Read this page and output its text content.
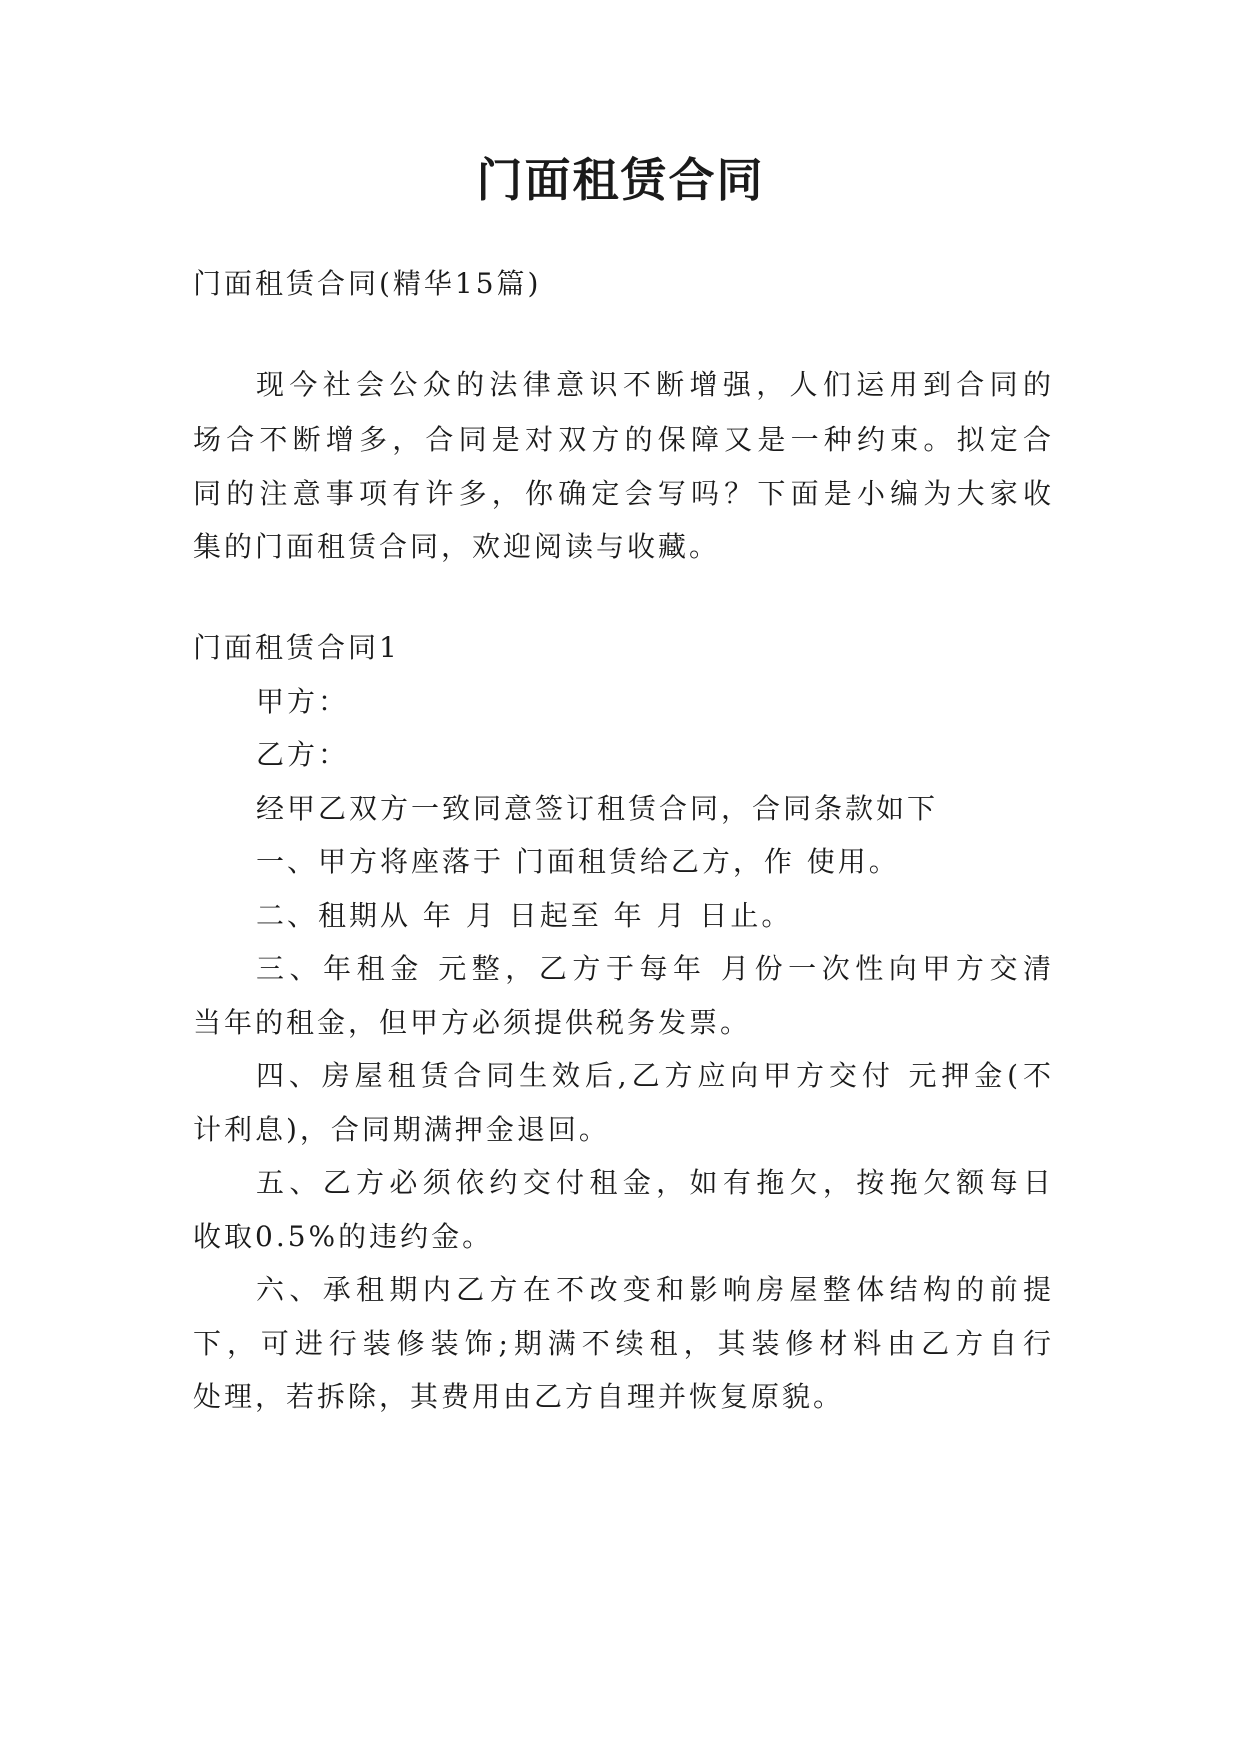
门面租赁合同
门面租赁合同(精华15篇)
现今社会公众的法律意识不断增强，人们运用到合同的
场合不断增多，合同是对双方的保障又是一种约束。拟定合
同的注意事项有许多，你确定会写吗？下面是小编为大家收
集的门面租赁合同，欢迎阅读与收藏。
门面租赁合同1
甲方：
乙方：
经甲乙双方一致同意签订租赁合同，合同条款如下
一、甲方将座落于 门面租赁给乙方，作 使用。
二、租期从 年 月 日起至 年 月 日止。
三、年租金 元整，乙方于每年 月份一次性向甲方交清
当年的租金，但甲方必须提供税务发票。
四、房屋租赁合同生效后,乙方应向甲方交付 元押金(不
计利息)，合同期满押金退回。
五、乙方必须依约交付租金，如有拖欠，按拖欠额每日
收取0.5%的违约金。
六、承租期内乙方在不改变和影响房屋整体结构的前提
下，可进行装修装饰;期满不续租，其装修材料由乙方自行
处理，若拆除，其费用由乙方自理并恢复原貌。
